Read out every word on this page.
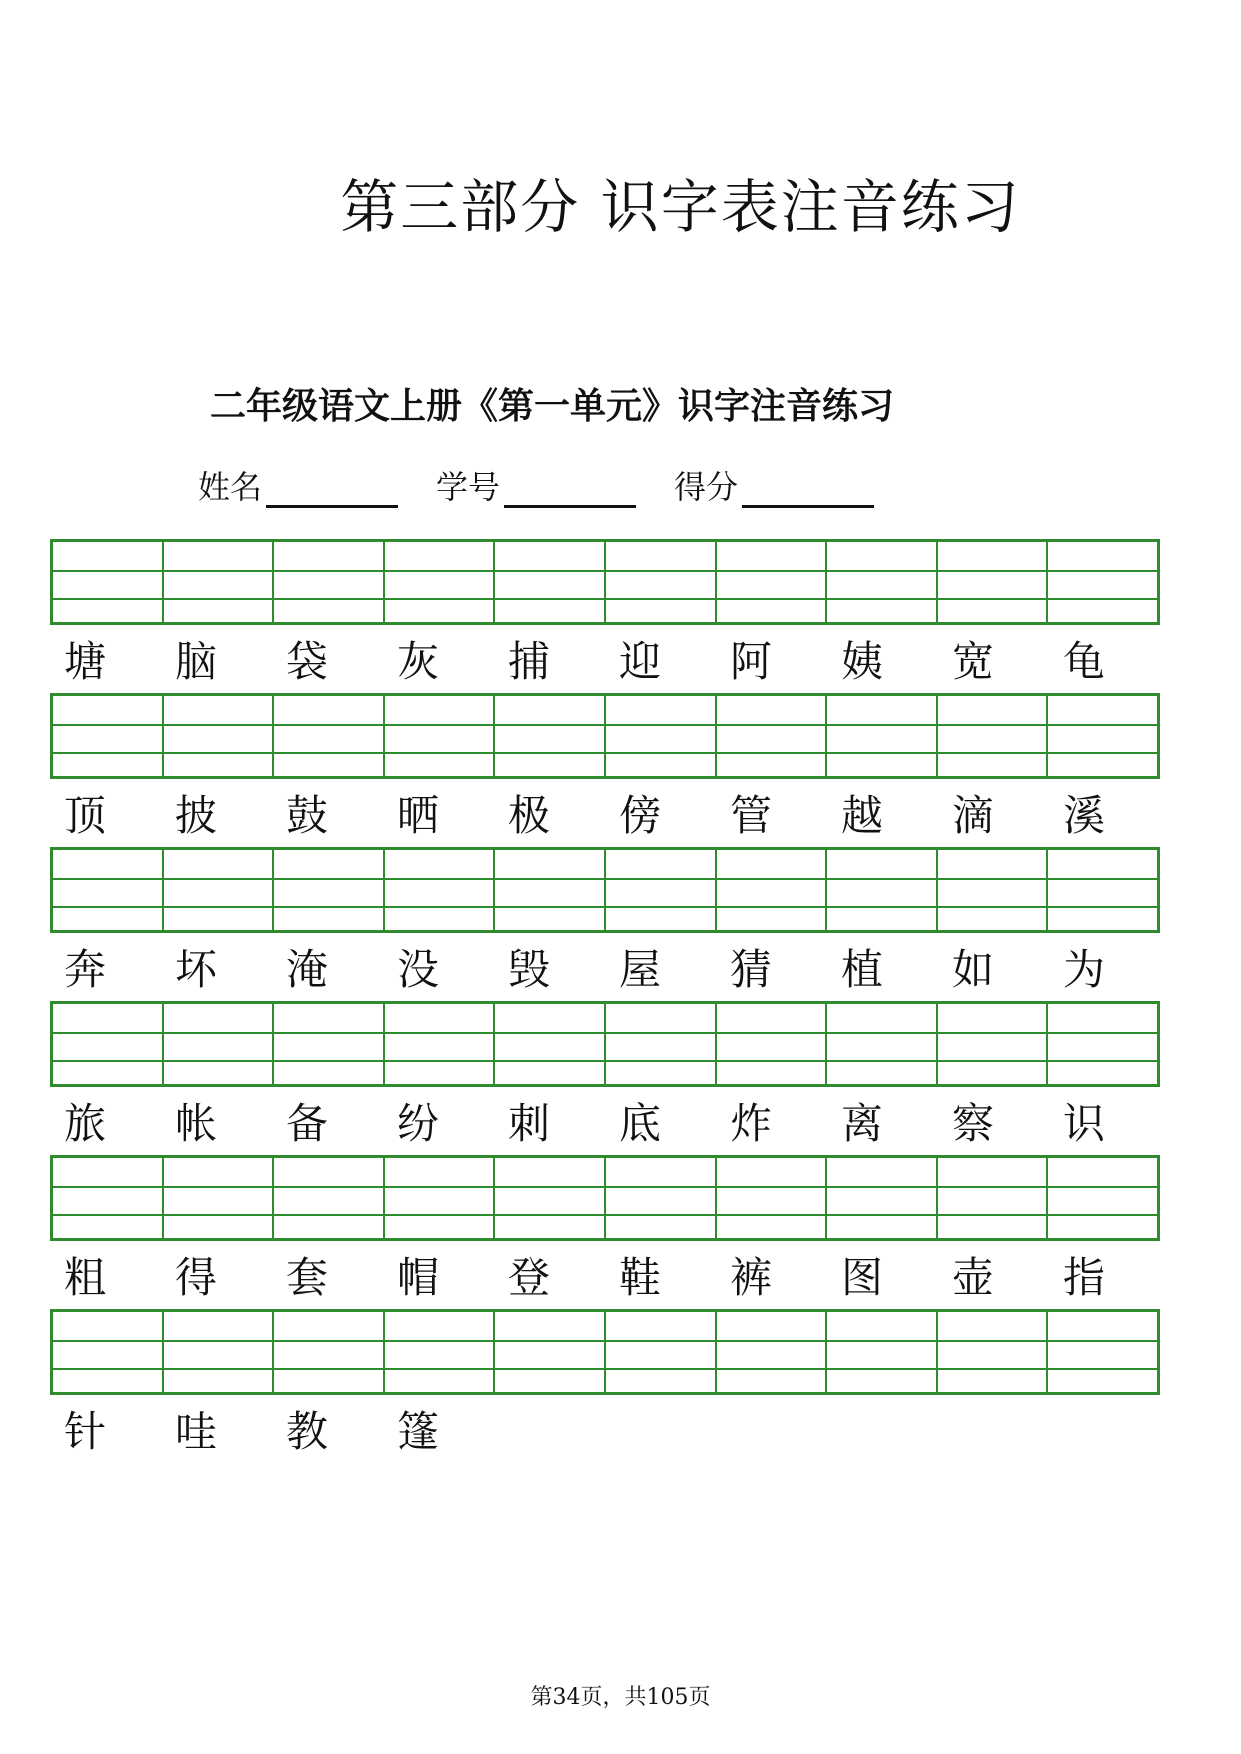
第三部分 识字表注音练习
二年级语文上册《第一单元》识字注音练习
姓名	学号	得分
塘	脑	袋	灰	捕	迎	阿	姨	宽	龟
顶	披	鼓	晒	极	傍	管	越	滴	溪
奔	坏	淹	没	毁	屋	猜	植	如	为
旅	帐	备	纷	刺	底	炸	离	察	识
粗	得	套	帽	登	鞋	裤	图	壶	指
针	哇	教	篷
第34页，共105页
